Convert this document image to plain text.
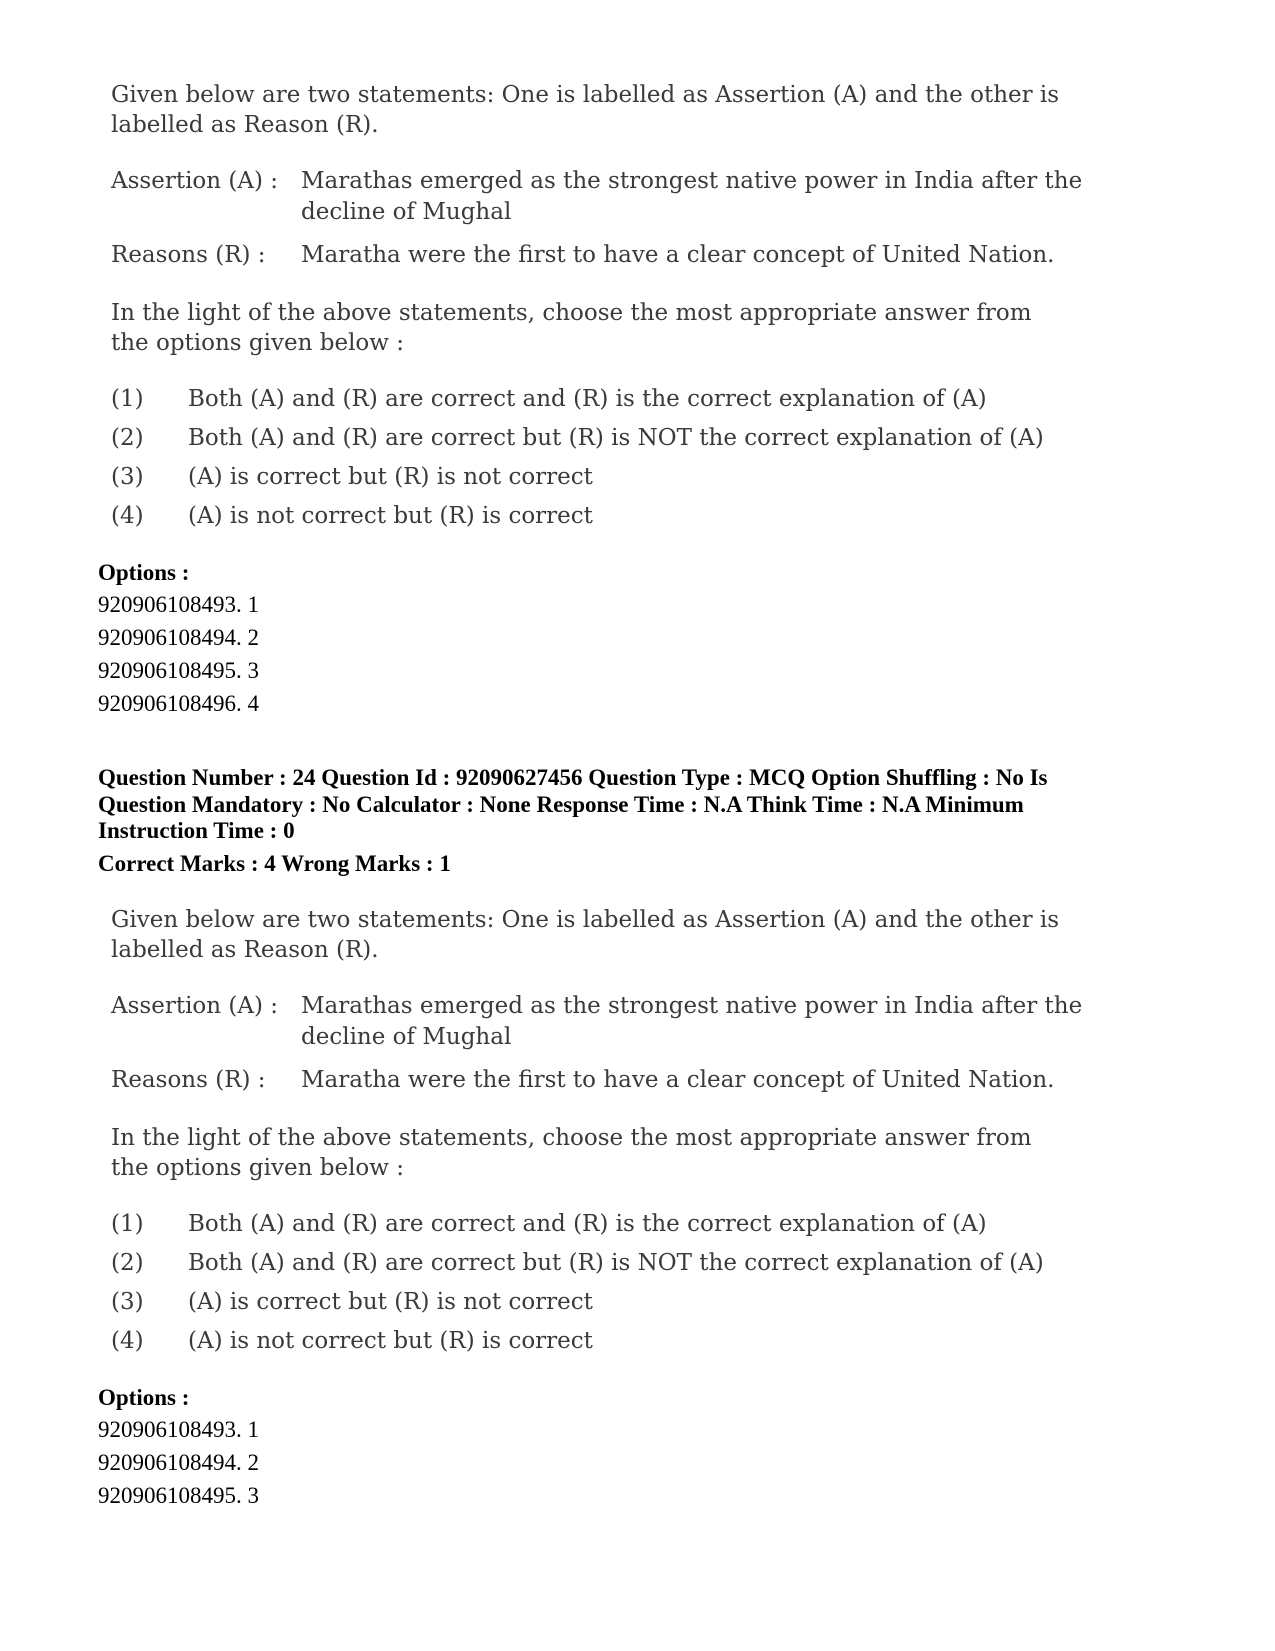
Given below are two statements: One is labelled as Assertion (A) and the other is labelled as Reason (R).

Assertion (A) : Marathas emerged as the strongest native power in India after the decline of Mughal
Reasons (R) : Maratha were the first to have a clear concept of United Nation.

In the light of the above statements, choose the most appropriate answer from the options given below :

(1) Both (A) and (R) are correct and (R) is the correct explanation of (A)
(2) Both (A) and (R) are correct but (R) is NOT the correct explanation of (A)
(3) (A) is correct but (R) is not correct
(4) (A) is not correct but (R) is correct
Options :
920906108493. 1
920906108494. 2
920906108495. 3
920906108496. 4
Question Number : 24 Question Id : 92090627456 Question Type : MCQ Option Shuffling : No Is
Question Mandatory : No Calculator : None Response Time : N.A Think Time : N.A Minimum
Instruction Time : 0
Correct Marks : 4 Wrong Marks : 1

Given below are two statements: One is labelled as Assertion (A) and the other is labelled as Reason (R).

Assertion (A) : Marathas emerged as the strongest native power in India after the decline of Mughal
Reasons (R) : Maratha were the first to have a clear concept of United Nation.

In the light of the above statements, choose the most appropriate answer from the options given below :

(1) Both (A) and (R) are correct and (R) is the correct explanation of (A)
(2) Both (A) and (R) are correct but (R) is NOT the correct explanation of (A)
(3) (A) is correct but (R) is not correct
(4) (A) is not correct but (R) is correct
Options :
920906108493. 1
920906108494. 2
920906108495. 3
